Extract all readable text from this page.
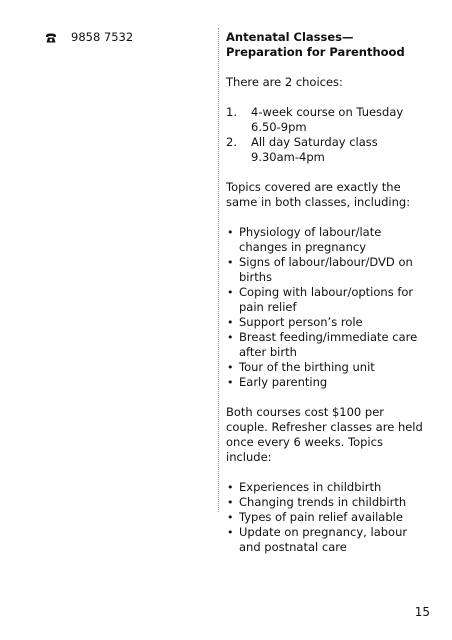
9858 7532	Antenatal Classes—Preparation for Parenthood

There are 2 choices:

1. 4-week course on Tuesday 6.50-9pm
2. All day Saturday class 9.30am-4pm

Topics covered are exactly the same in both classes, including:

• Physiology of labour/late changes in pregnancy
• Signs of labour/labour/DVD on births
• Coping with labour/options for pain relief
• Support person’s role
• Breast feeding/immediate care after birth
• Tour of the birthing unit
• Early parenting

Both courses cost $100 per couple. Refresher classes are held once every 6 weeks. Topics include:

• Experiences in childbirth
• Changing trends in childbirth
• Types of pain relief available
• Update on pregnancy, labour and postnatal care
15
